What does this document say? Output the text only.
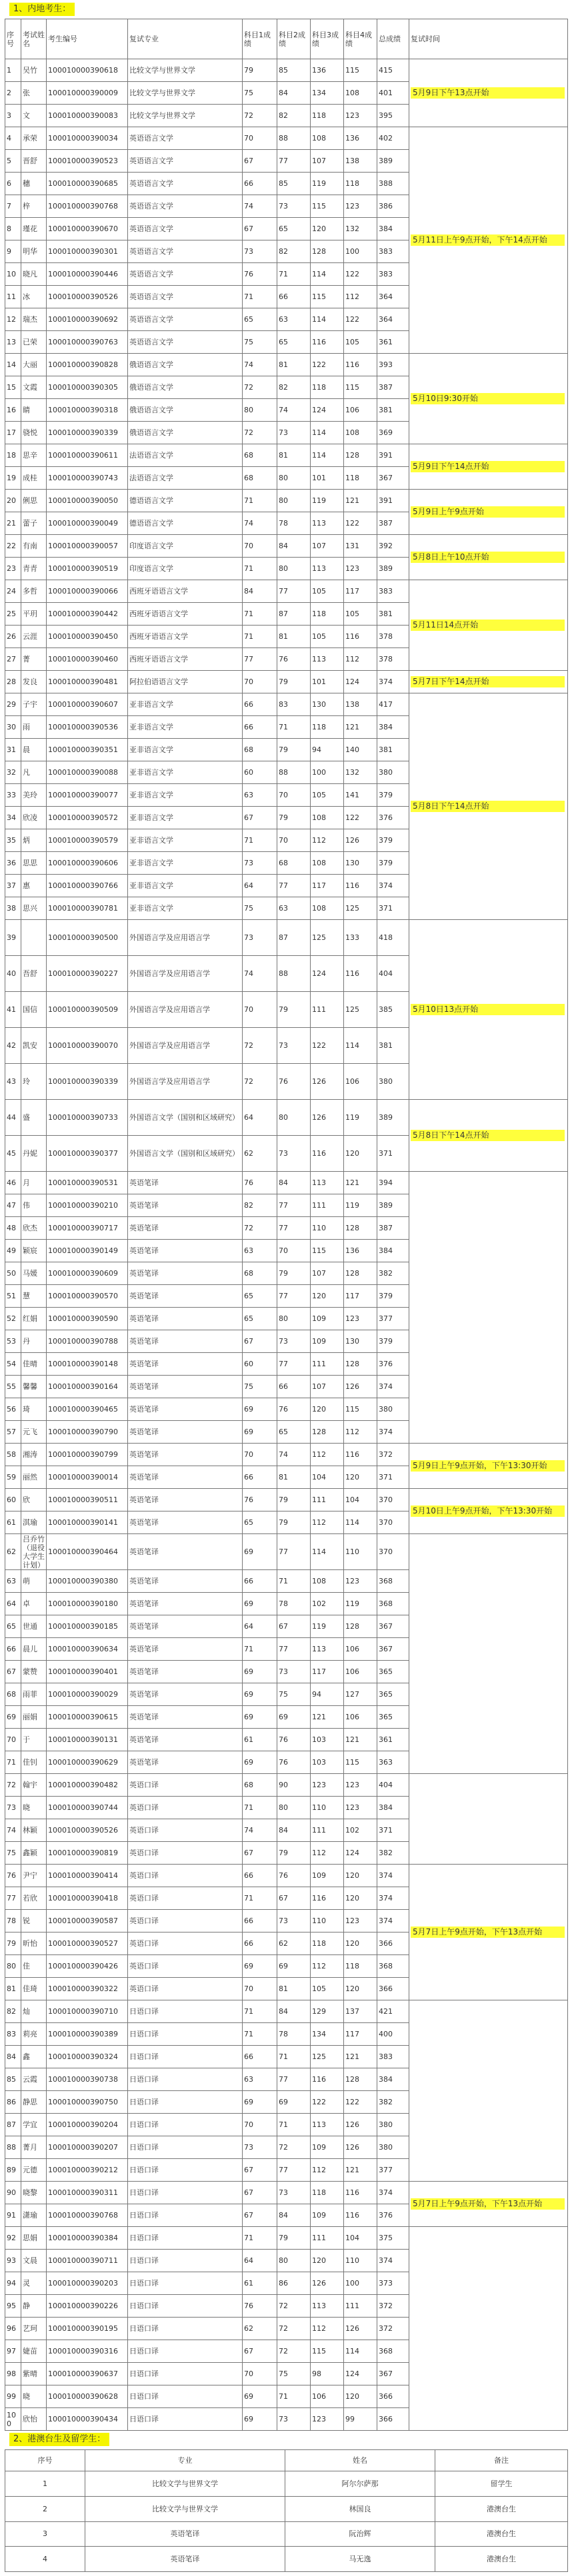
1、内地考生：
序号	考试姓名	考生编号	复试专业	科目1成绩	科目2成绩	科目3成绩	科目4成绩	总成绩	复试时间
1	吴竹	100010000390618	比较文学与世界文学	79	85	136	115	415	5月9日下午13点开始
2	张	100010000390009	比较文学与世界文学	75	84	134	108	401	
3	文	100010000390083	比较文学与世界文学	72	82	118	123	395	
4	承荣	100010000390034	英语语言文学	70	88	108	136	402	5月11日上午9点开始，下午14点开始
5	晋舒	100010000390523	英语语言文学	67	77	107	138	389	
6	穗	100010000390685	英语语言文学	66	85	119	118	388	
7	梓	100010000390768	英语语言文学	74	73	115	123	386	
8	瑾花	100010000390670	英语语言文学	67	65	120	132	384	
9	明华	100010000390301	英语语言文学	73	82	128	100	383	
10	晓凡	100010000390446	英语语言文学	76	71	114	122	383	
11	冰	100010000390526	英语语言文学	71	66	115	112	364	
12	瑞杰	100010000390692	英语语言文学	65	63	114	122	364	
13	已荣	100010000390763	英语语言文学	75	65	116	105	361	
14	大丽	100010000390828	俄语语言文学	74	81	122	116	393	5月10日9:30开始
15	文霞	100010000390305	俄语语言文学	72	82	118	115	387	
16	睛	100010000390318	俄语语言文学	80	74	124	106	381	
17	骁悦	100010000390339	俄语语言文学	72	73	114	108	369	
18	思辛	100010000390611	法语语言文学	68	81	114	128	391	5月9日下午14点开始
19	成桂	100010000390743	法语语言文学	68	80	101	118	367	
20	俐思	100010000390050	德语语言文学	71	80	119	121	391	5月9日上午9点开始
21	蕾子	100010000390049	德语语言文学	74	78	113	122	387	
22	有南	100010000390057	印度语言文学	70	84	107	131	392	5月8日上午10点开始
23	青青	100010000390519	印度语言文学	71	80	113	123	389	
24	多哲	100010000390066	西班牙语语言文学	84	77	105	117	383	5月11日14点开始
25	平玥	100010000390442	西班牙语语言文学	71	87	118	105	381	
26	云涯	100010000390450	西班牙语语言文学	71	81	105	116	378	
27	菁	100010000390460	西班牙语语言文学	77	76	113	112	378	
28	发良	100010000390481	阿拉伯语语言文学	70	79	101	124	374	5月7日下午14点开始
29	子宇	100010000390607	亚非语言文学	66	83	130	138	417	5月8日下午14点开始
30	雨	100010000390536	亚非语言文学	66	71	118	121	384	
31	晨	100010000390351	亚非语言文学	68	79	94	140	381	
32	凡	100010000390088	亚非语言文学	60	88	100	132	380	
33	美玲	100010000390077	亚非语言文学	63	70	105	141	379	
34	欣凌	100010000390572	亚非语言文学	67	79	108	122	376	
35	炳	100010000390579	亚非语言文学	71	70	112	126	379	
36	思思	100010000390606	亚非语言文学	73	68	108	130	379	
37	惠	100010000390766	亚非语言文学	64	77	117	116	374	
38	思兴	100010000390781	亚非语言文学	75	63	108	125	371	
39		100010000390500	外国语言学及应用语言学	73	87	125	133	418	5月10日13点开始
40	吾舒	100010000390227	外国语言学及应用语言学	74	88	124	116	404	
41	国信	100010000390509	外国语言学及应用语言学	70	79	111	125	385	
42	凯安	100010000390070	外国语言学及应用语言学	72	73	122	114	381	
43	玲	100010000390339	外国语言学及应用语言学	72	76	126	106	380	
44	盛	100010000390733	外国语言文学（国别和区域研究）	64	80	126	119	389	5月8日下午14点开始
45	丹妮	100010000390377	外国语言文学（国别和区域研究）	62	73	116	120	371	
46	月	100010000390531	英语笔译	76	84	113	121	394	
47	伟	100010000390210	英语笔译	82	77	111	119	389	
48	欣杰	100010000390717	英语笔译	72	77	110	128	387	
49	颖宸	100010000390149	英语笔译	63	70	115	136	384	
50	马媛	100010000390609	英语笔译	68	79	107	128	382	
51	慧	100010000390570	英语笔译	65	77	120	117	379	
52	红娟	100010000390590	英语笔译	65	80	109	123	377	
53	丹	100010000390788	英语笔译	67	73	109	130	379	
54	佳晴	100010000390148	英语笔译	60	77	111	128	376	
55	馨馨	100010000390164	英语笔译	75	66	107	126	374	
56	琦	100010000390465	英语笔译	69	76	120	115	380	
57	元飞	100010000390790	英语笔译	69	65	128	112	374	
58	湘涛	100010000390799	英语笔译	70	74	112	116	372	5月9日上午9点开始，下午13:30开始
59	丽然	100010000390014	英语笔译	66	81	104	120	371	
60	欣	100010000390511	英语笔译	76	79	111	104	370	5月10日上午9点开始，下午13:30开始
61	淇瑜	100010000390141	英语笔译	65	79	112	114	370	
62	吕乔竹（退役大学生计划）	100010000390464	英语笔译	69	77	114	110	370	
63	萌	100010000390380	英语笔译	66	71	108	123	368	
64	卓	100010000390180	英语笔译	69	78	102	119	368	
65	世通	100010000390185	英语笔译	64	67	119	128	367	
66	晨儿	100010000390634	英语笔译	71	77	113	106	367	
67	蒙赞	100010000390401	英语笔译	69	73	117	106	365	
68	雨菲	100010000390029	英语笔译	69	75	94	127	365	
69	丽娟	100010000390615	英语笔译	69	69	121	106	365	
70	于	100010000390131	英语笔译	61	76	103	121	361	
71	佳钊	100010000390629	英语笔译	69	76	103	115	363	
72	翰宇	100010000390482	英语口译	68	90	123	123	404	
73	晓	100010000390744	英语口译	71	80	110	123	384	
74	林颖	100010000390526	英语口译	74	84	111	102	371	
75	鑫颖	100010000390819	英语口译	67	79	112	124	382	
76	尹宁	100010000390414	英语口译	66	76	109	120	374	5月7日上午9点开始，下午13点开始
77	若欣	100010000390418	英语口译	71	67	116	120	374	
78	锐	100010000390587	英语口译	66	73	110	123	374	
79	昕怡	100010000390527	英语口译	66	62	118	120	366	
80	佳	100010000390426	英语口译	69	69	112	118	368	
81	佳琦	100010000390322	英语口译	70	81	105	120	366	
82	灿	100010000390710	日语口译	71	84	129	137	421	
83	莉亮	100010000390389	日语口译	71	78	134	117	400	
84	鑫	100010000390324	日语口译	66	71	125	121	383	
85	云霞	100010000390738	日语口译	63	77	116	128	384	
86	静思	100010000390750	日语口译	69	69	122	122	382	
87	学宜	100010000390204	日语口译	70	71	113	126	380	
88	菁月	100010000390207	日语口译	73	72	109	126	380	
89	元德	100010000390212	日语口译	67	77	112	121	377	
90	晓黎	100010000390311	日语口译	67	73	118	116	374	5月7日上午9点开始，下午13点开始
91	潇瑜	100010000390768	日语口译	67	84	109	116	376	
92	思娟	100010000390384	日语口译	71	79	111	104	375	
93	文晨	100010000390711	日语口译	64	80	120	110	374	
94	灵	100010000390203	日语口译	61	86	126	100	373	
95	静	100010000390226	日语口译	76	72	113	111	372	
96	艺珂	100010000390195	日语口译	62	72	112	126	372	
97	婕苗	100010000390316	日语口译	67	72	115	114	368	
98	紫晴	100010000390637	日语口译	70	75	98	124	367	
99	晓	100010000390628	日语口译	69	71	106	120	366	
100	欣怡	100010000390434	日语口译	69	73	123	99	366	
2、港澳台生及留学生：
序号	专业	姓名	备注
1	比较文学与世界文学	阿尔尔萨那	留学生
2	比较文学与世界文学	林国良	港澳台生
3	英语笔译	阮治辉	港澳台生
4	英语笔译	马无逸	港澳台生
